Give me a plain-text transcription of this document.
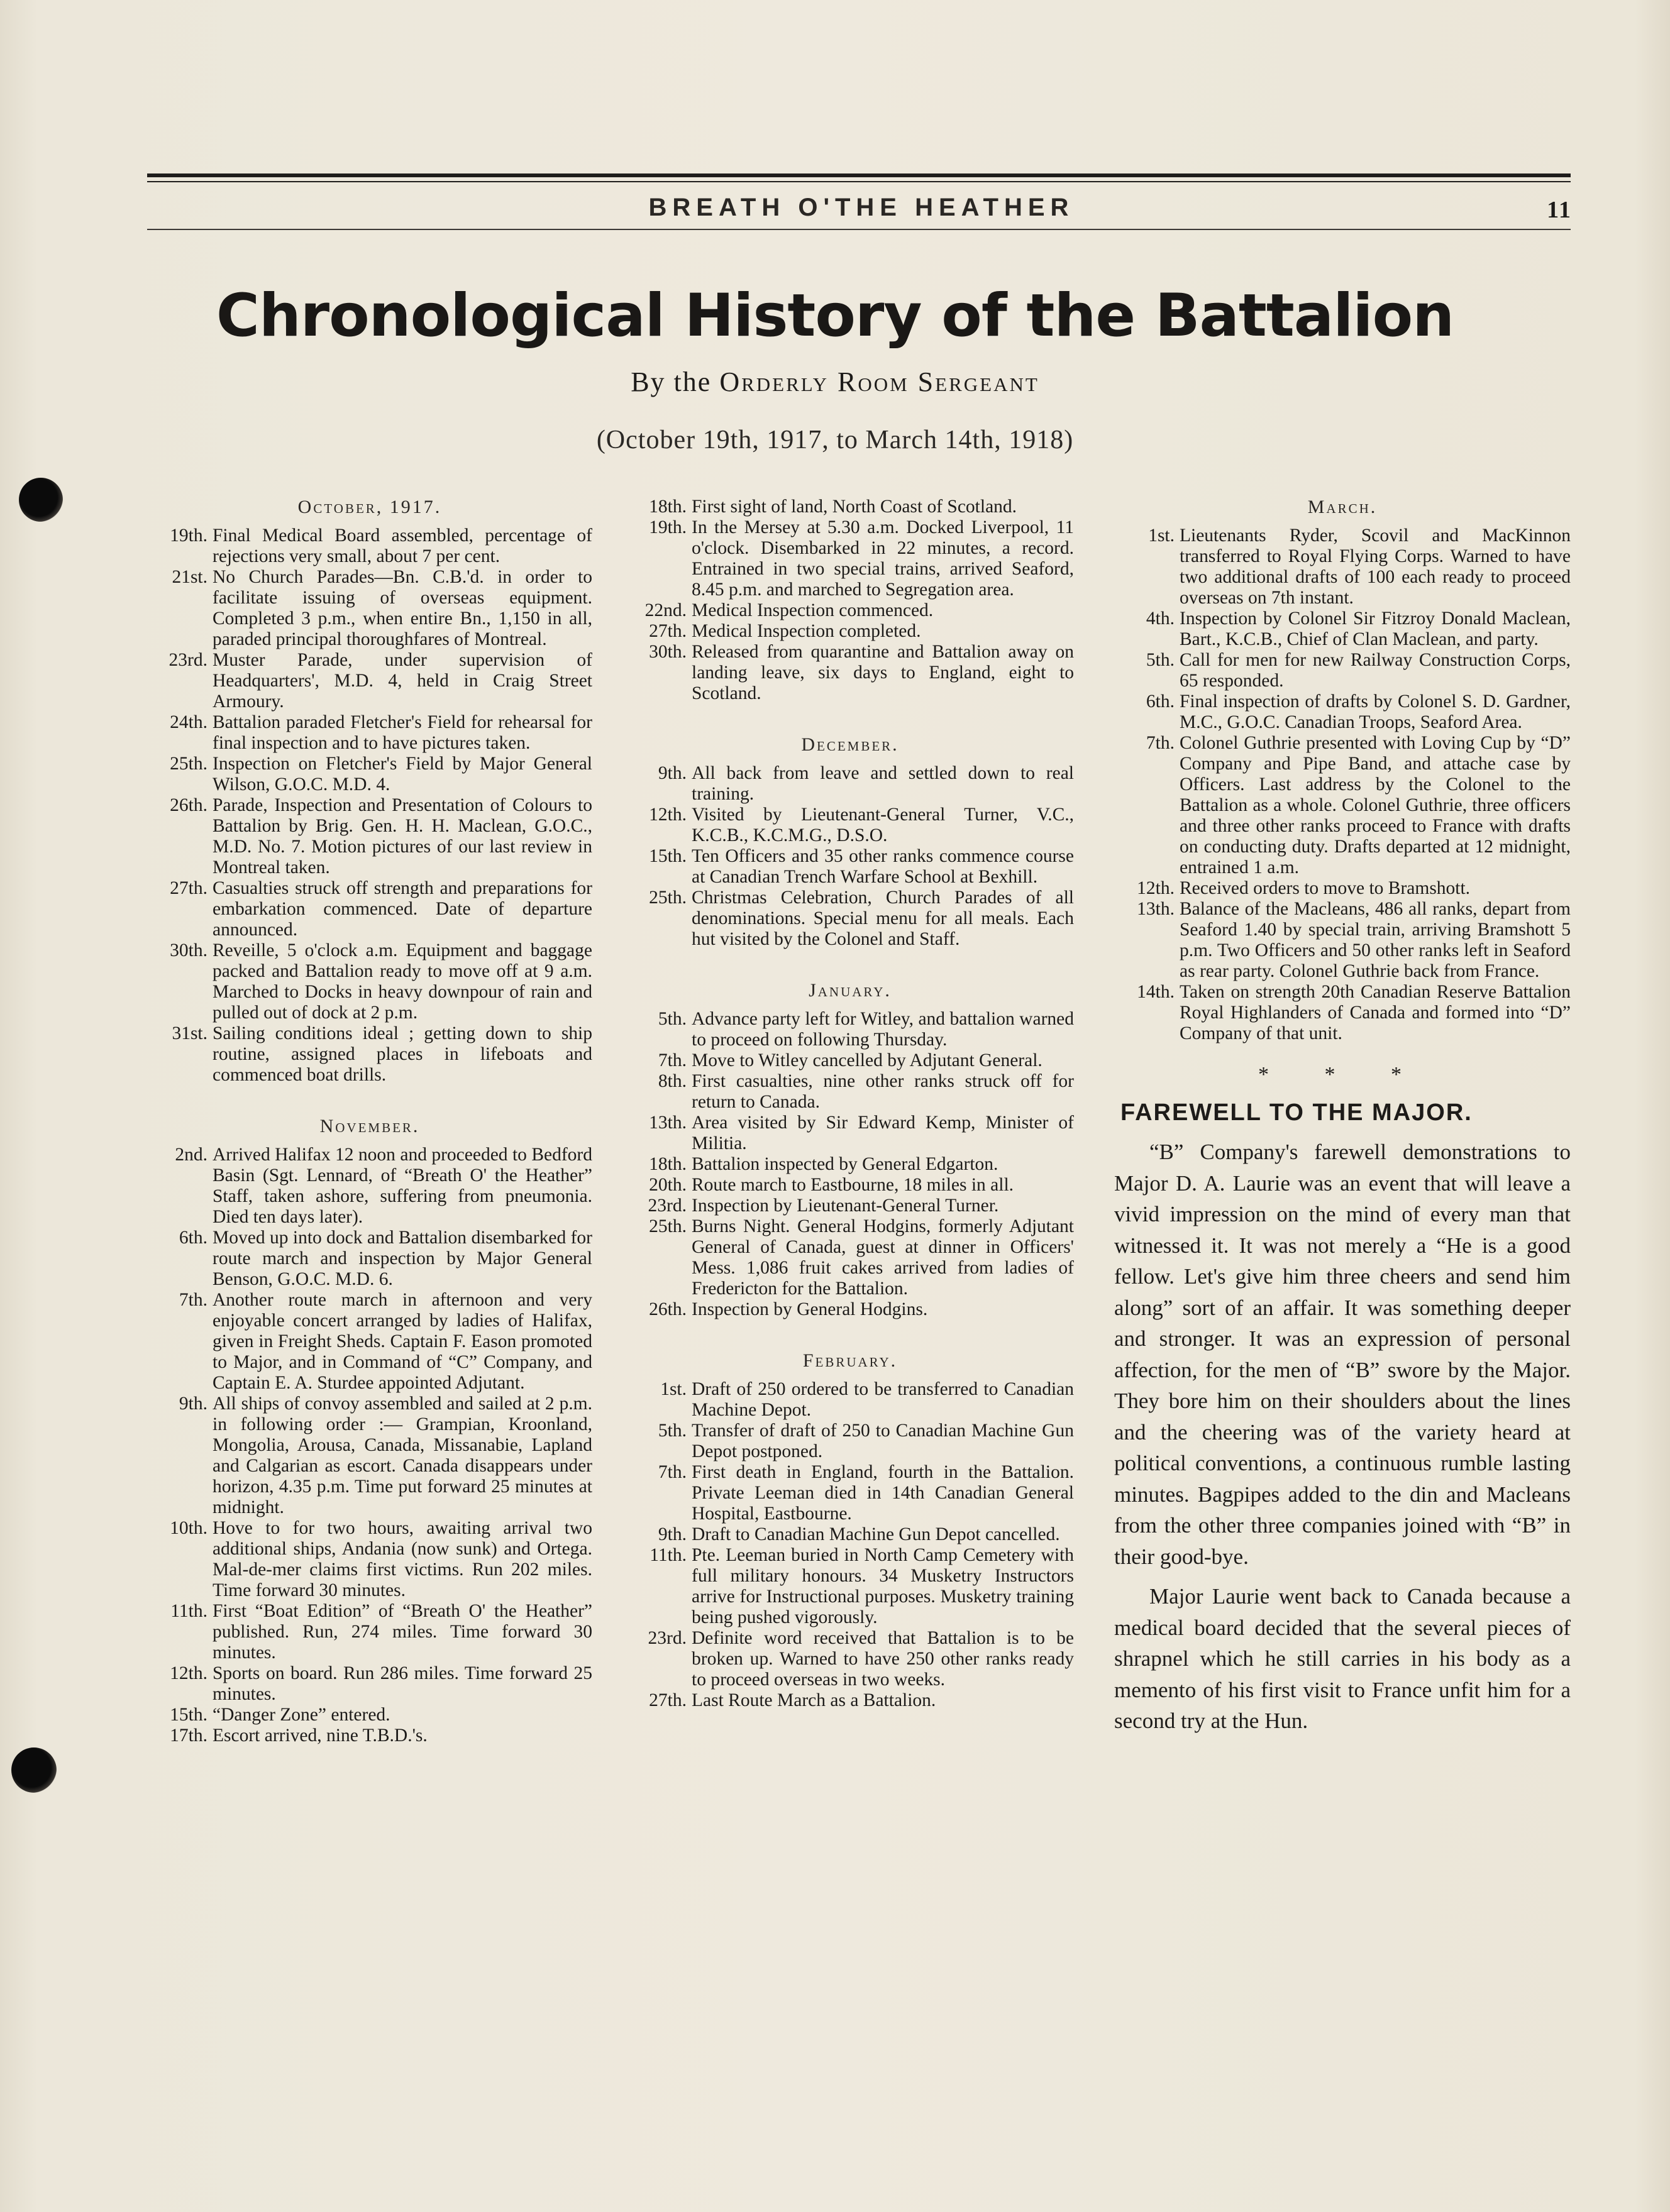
BREATH O'THE HEATHER	11
Chronological History of the Battalion
By the Orderly Room Sergeant
(October 19th, 1917, to March 14th, 1918)
October, 1917.
19th. Final Medical Board assembled, percentage of rejections very small, about 7 per cent.
21st. No Church Parades—Bn. C.B.'d. in order to facilitate issuing of overseas equipment. Completed 3 p.m., when entire Bn., 1,150 in all, paraded principal thoroughfares of Montreal.
23rd. Muster Parade, under supervision of Headquarters', M.D. 4, held in Craig Street Armoury.
24th. Battalion paraded Fletcher's Field for rehearsal for final inspection and to have pictures taken.
25th. Inspection on Fletcher's Field by Major General Wilson, G.O.C. M.D. 4.
26th. Parade, Inspection and Presentation of Colours to Battalion by Brig. Gen. H. H. Maclean, G.O.C., M.D. No. 7. Motion pictures of our last review in Montreal taken.
27th. Casualties struck off strength and preparations for embarkation commenced. Date of departure announced.
30th. Reveille, 5 o'clock a.m. Equipment and baggage packed and Battalion ready to move off at 9 a.m. Marched to Docks in heavy downpour of rain and pulled out of dock at 2 p.m.
31st. Sailing conditions ideal ; getting down to ship routine, assigned places in lifeboats and commenced boat drills.
November.
2nd. Arrived Halifax 12 noon and proceeded to Bedford Basin (Sgt. Lennard, of “Breath O' the Heather” Staff, taken ashore, suffering from pneumonia. Died ten days later).
6th. Moved up into dock and Battalion disembarked for route march and inspection by Major General Benson, G.O.C. M.D. 6.
7th. Another route march in afternoon and very enjoyable concert arranged by ladies of Halifax, given in Freight Sheds. Captain F. Eason promoted to Major, and in Command of “C” Company, and Captain E. A. Sturdee appointed Adjutant.
9th. All ships of convoy assembled and sailed at 2 p.m. in following order :— Grampian, Kroonland, Mongolia, Arousa, Canada, Missanabie, Lapland and Calgarian as escort. Canada disappears under horizon, 4.35 p.m. Time put forward 25 minutes at midnight.
10th. Hove to for two hours, awaiting arrival two additional ships, Andania (now sunk) and Ortega. Mal-de-mer claims first victims. Run 202 miles. Time forward 30 minutes.
11th. First “Boat Edition” of “Breath O' the Heather” published. Run, 274 miles. Time forward 30 minutes.
12th. Sports on board. Run 286 miles. Time forward 25 minutes.
15th. “Danger Zone” entered.
17th. Escort arrived, nine T.B.D.'s.
18th. First sight of land, North Coast of Scotland.
19th. In the Mersey at 5.30 a.m. Docked Liverpool, 11 o'clock. Disembarked in 22 minutes, a record. Entrained in two special trains, arrived Seaford, 8.45 p.m. and marched to Segregation area.
22nd. Medical Inspection commenced.
27th. Medical Inspection completed.
30th. Released from quarantine and Battalion away on landing leave, six days to England, eight to Scotland.
December.
9th. All back from leave and settled down to real training.
12th. Visited by Lieutenant-General Turner, V.C., K.C.B., K.C.M.G., D.S.O.
15th. Ten Officers and 35 other ranks commence course at Canadian Trench Warfare School at Bexhill.
25th. Christmas Celebration, Church Parades of all denominations. Special menu for all meals. Each hut visited by the Colonel and Staff.
January.
5th. Advance party left for Witley, and battalion warned to proceed on following Thursday.
7th. Move to Witley cancelled by Adjutant General.
8th. First casualties, nine other ranks struck off for return to Canada.
13th. Area visited by Sir Edward Kemp, Minister of Militia.
18th. Battalion inspected by General Edgarton.
20th. Route march to Eastbourne, 18 miles in all.
23rd. Inspection by Lieutenant-General Turner.
25th. Burns Night. General Hodgins, formerly Adjutant General of Canada, guest at dinner in Officers' Mess. 1,086 fruit cakes arrived from ladies of Fredericton for the Battalion.
26th. Inspection by General Hodgins.
February.
1st. Draft of 250 ordered to be transferred to Canadian Machine Depot.
5th. Transfer of draft of 250 to Canadian Machine Gun Depot postponed.
7th. First death in England, fourth in the Battalion. Private Leeman died in 14th Canadian General Hospital, Eastbourne.
9th. Draft to Canadian Machine Gun Depot cancelled.
11th. Pte. Leeman buried in North Camp Cemetery with full military honours. 34 Musketry Instructors arrive for Instructional purposes. Musketry training being pushed vigorously.
23rd. Definite word received that Battalion is to be broken up. Warned to have 250 other ranks ready to proceed overseas in two weeks.
27th. Last Route March as a Battalion.
March.
1st. Lieutenants Ryder, Scovil and MacKinnon transferred to Royal Flying Corps. Warned to have two additional drafts of 100 each ready to proceed overseas on 7th instant.
4th. Inspection by Colonel Sir Fitzroy Donald Maclean, Bart., K.C.B., Chief of Clan Maclean, and party.
5th. Call for men for new Railway Construction Corps, 65 responded.
6th. Final inspection of drafts by Colonel S. D. Gardner, M.C., G.O.C. Canadian Troops, Seaford Area.
7th. Colonel Guthrie presented with Loving Cup by “D” Company and Pipe Band, and attache case by Officers. Last address by the Colonel to the Battalion as a whole. Colonel Guthrie, three officers and three other ranks proceed to France with drafts on conducting duty. Drafts departed at 12 midnight, entrained 1 a.m.
12th. Received orders to move to Bramshott.
13th. Balance of the Macleans, 486 all ranks, depart from Seaford 1.40 by special train, arriving Bramshott 5 p.m. Two Officers and 50 other ranks left in Seaford as rear party. Colonel Guthrie back from France.
14th. Taken on strength 20th Canadian Reserve Battalion Royal Highlanders of Canada and formed into “D” Company of that unit.
* * *
FAREWELL TO THE MAJOR.

“B” Company's farewell demonstrations to Major D. A. Laurie was an event that will leave a vivid impression on the mind of every man that witnessed it. It was not merely a “He is a good fellow. Let's give him three cheers and send him along” sort of an affair. It was something deeper and stronger. It was an expression of personal affection, for the men of “B” swore by the Major. They bore him on their shoulders about the lines and the cheering was of the variety heard at political conventions, a continuous rumble lasting minutes. Bagpipes added to the din and Macleans from the other three companies joined with “B” in their good-bye.

Major Laurie went back to Canada because a medical board decided that the several pieces of shrapnel which he still carries in his body as a memento of his first visit to France unfit him for a second try at the Hun.
